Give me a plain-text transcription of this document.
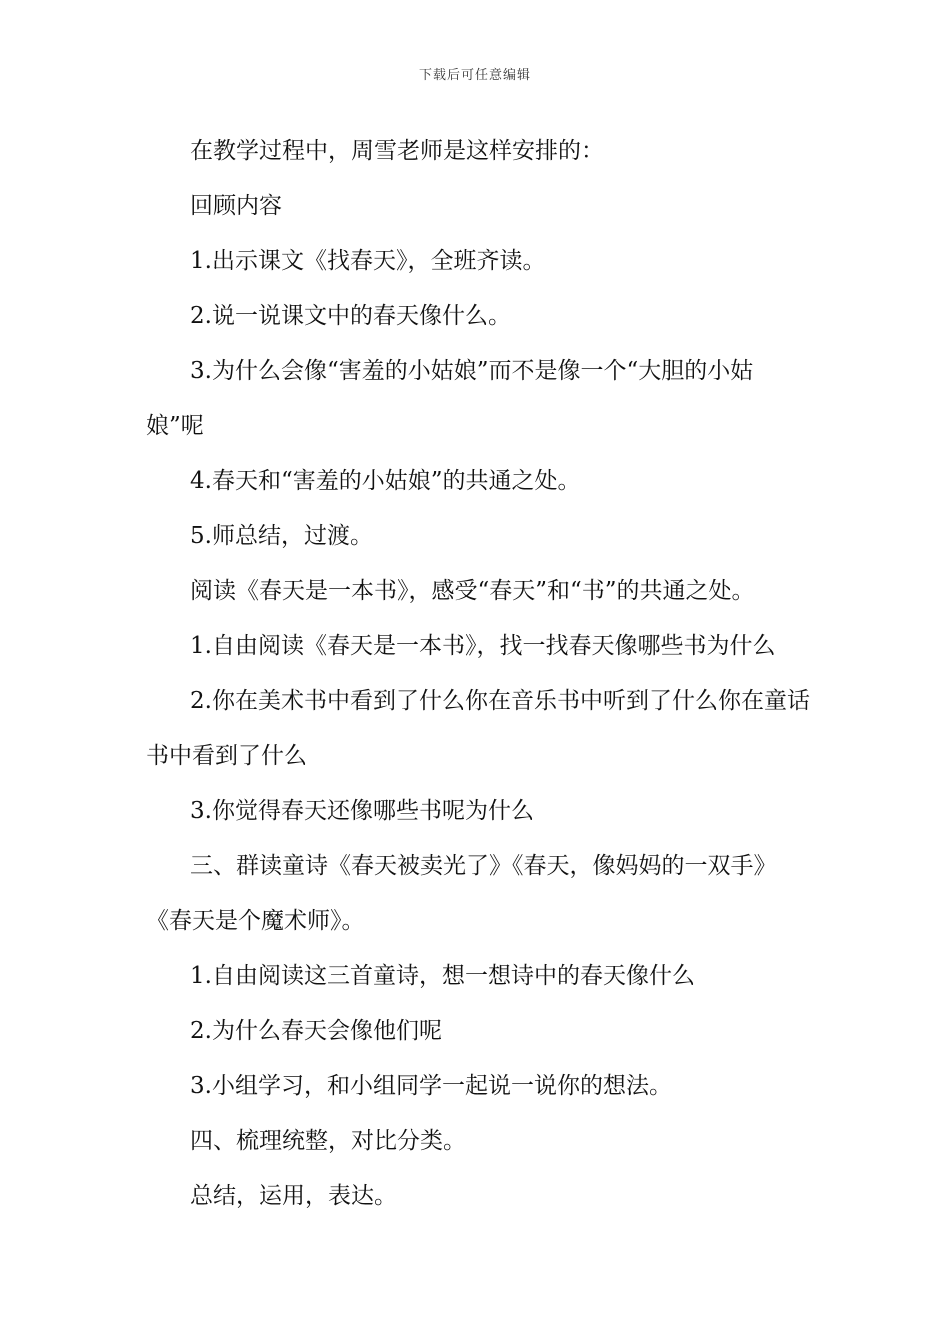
下载后可任意编辑

在教学过程中，周雪老师是这样安排的：

回顾内容

1.出示课文《找春天》，全班齐读。

2.说一说课文中的春天像什么。

3.为什么会像“害羞的小姑娘”而不是像一个“大胆的小姑

娘”呢

4.春天和“害羞的小姑娘”的共通之处。

5.师总结，过渡。

阅读《春天是一本书》，感受“春天”和“书”的共通之处。

1.自由阅读《春天是一本书》，找一找春天像哪些书为什么

2.你在美术书中看到了什么你在音乐书中听到了什么你在童话

书中看到了什么

3.你觉得春天还像哪些书呢为什么

三、群读童诗《春天被卖光了》《春天，像妈妈的一双手》

《春天是个魔术师》。

1.自由阅读这三首童诗，想一想诗中的春天像什么

2.为什么春天会像他们呢

3.小组学习，和小组同学一起说一说你的想法。

四、梳理统整，对比分类。

总结，运用，表达。
